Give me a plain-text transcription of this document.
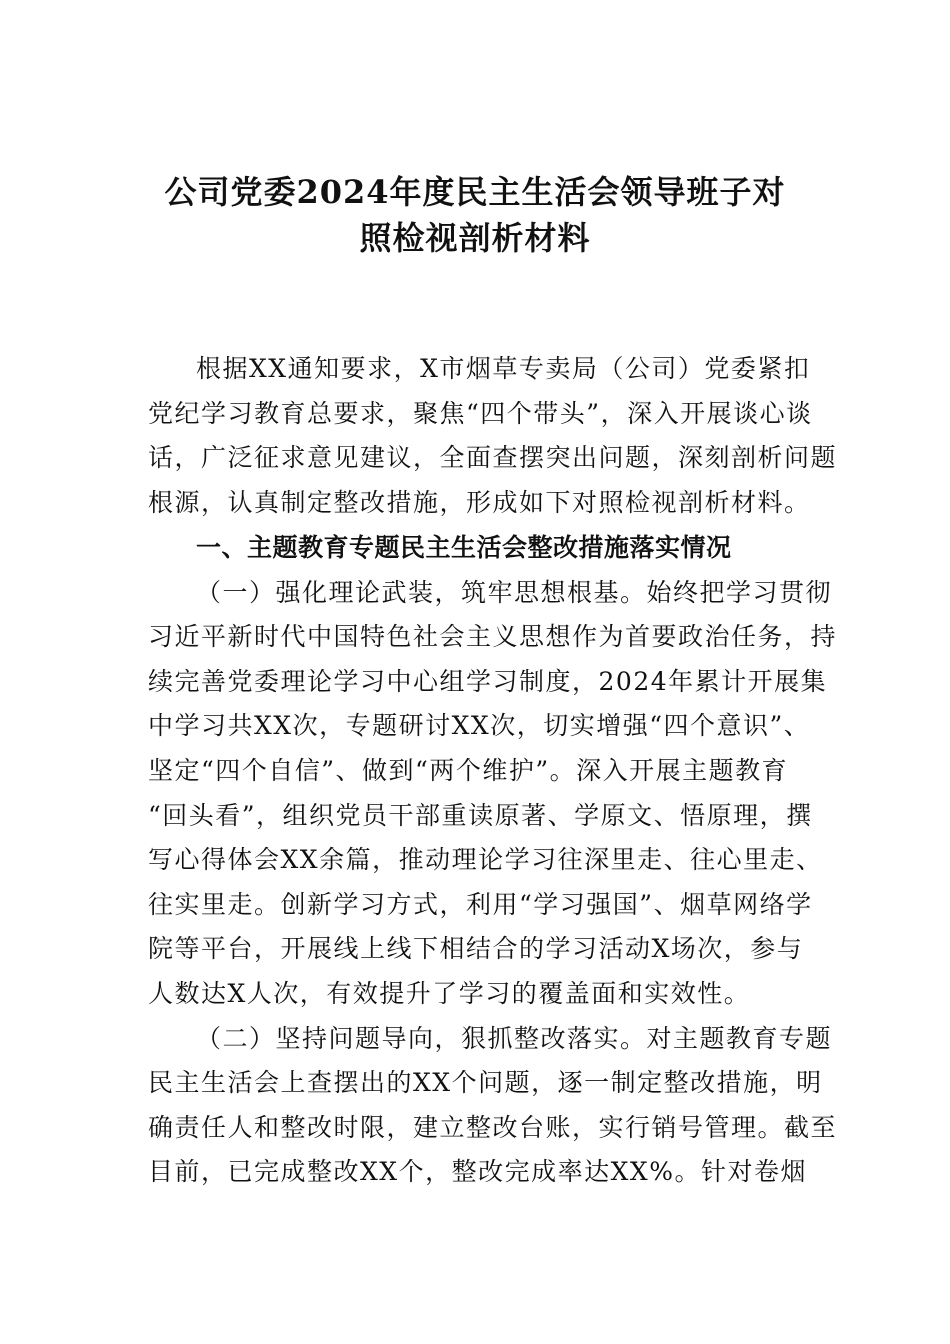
公司党委2024年度民主生活会领导班子对
照检视剖析材料
根据XX通知要求，X市烟草专卖局（公司）党委紧扣
党纪学习教育总要求，聚焦“四个带头”，深入开展谈心谈
话，广泛征求意见建议，全面查摆突出问题，深刻剖析问题
根源，认真制定整改措施，形成如下对照检视剖析材料。
一、主题教育专题民主生活会整改措施落实情况
（一）强化理论武装，筑牢思想根基。始终把学习贯彻
习近平新时代中国特色社会主义思想作为首要政治任务，持
续完善党委理论学习中心组学习制度，2024年累计开展集
中学习共XX次，专题研讨XX次，切实增强“四个意识”、
坚定“四个自信”、做到“两个维护”。深入开展主题教育
“回头看”，组织党员干部重读原著、学原文、悟原理，撰
写心得体会XX余篇，推动理论学习往深里走、往心里走、
往实里走。创新学习方式，利用“学习强国”、烟草网络学
院等平台，开展线上线下相结合的学习活动X场次，参与
人数达X人次，有效提升了学习的覆盖面和实效性。
（二）坚持问题导向，狠抓整改落实。对主题教育专题
民主生活会上查摆出的XX个问题，逐一制定整改措施，明
确责任人和整改时限，建立整改台账，实行销号管理。截至
目前，已完成整改XX个，整改完成率达XX%。针对卷烟
